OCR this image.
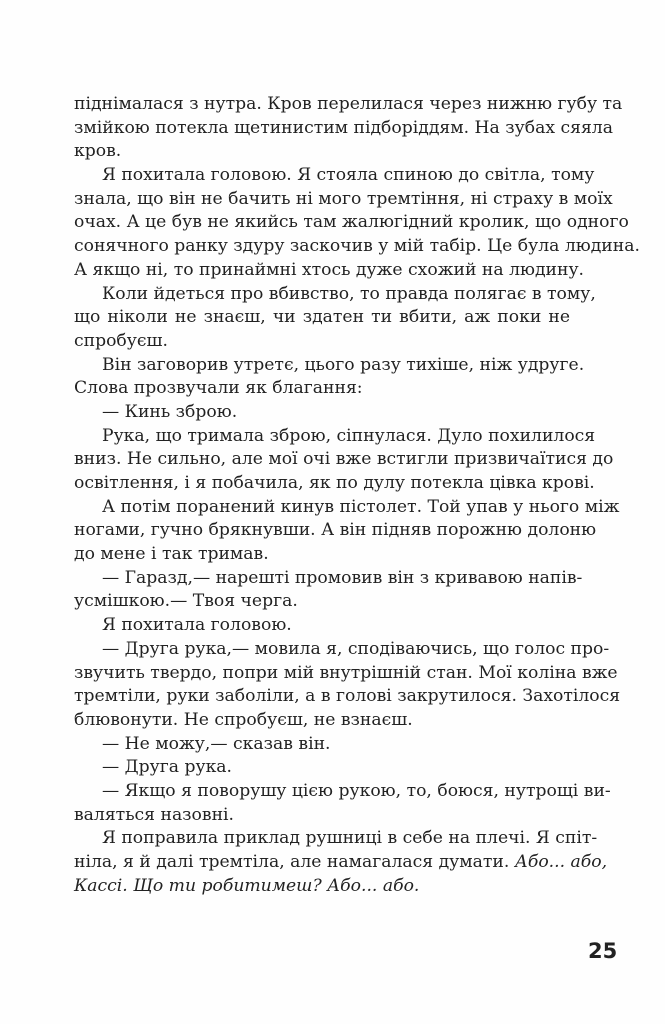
піднімалася з нутра. Кров перелилася через нижню губу та
змійкою потекла щетинистим підборіддям. На зубах сяяла
кров.
Я похитала головою. Я стояла спиною до світла, тому
знала, що він не бачить ні мого тремтіння, ні страху в моїх
очах. А це був не якийсь там жалюгідний кролик, що одного
сонячного ранку здуру заскочив у мій табір. Це була людина.
А якщо ні, то принаймні хтось дуже схожий на людину.
Коли йдеться про вбивство, то правда полягає в тому,
що ніколи не знаєш, чи здатен ти вбити, аж поки не
спробуєш.
Він заговорив утретє, цього разу тихіше, ніж удруге.
Слова прозвучали як благання:
— Кинь зброю.
Рука, що тримала зброю, сіпнулася. Дуло похилилося
вниз. Не сильно, але мої очі вже встигли призвичаїтися до
освітлення, і я побачила, як по дулу потекла цівка крові.
А потім поранений кинув пістолет. Той упав у нього між
ногами, гучно брякнувши. А він підняв порожню долоню
до мене і так тримав.
— Гаразд,— нарешті промовив він з кривавою напів-
усмішкою.— Твоя черга.
Я похитала головою.
— Друга рука,— мовила я, сподіваючись, що голос про-
звучить твердо, попри мій внутрішній стан. Мої коліна вже
тремтіли, руки заболіли, а в голові закрутилося. Захотілося
блювонути. Не спробуєш, не взнаєш.
— Не можу,— сказав він.
— Друга рука.
— Якщо я поворушу цією рукою, то, боюся, нутрощі ви-
валяться назовні.
Я поправила приклад рушниці в себе на плечі. Я спіт-
ніла, я й далі тремтіла, але намагалася думати. Або... або,
Кассі. Що ти робитимеш? Або... або.
25
